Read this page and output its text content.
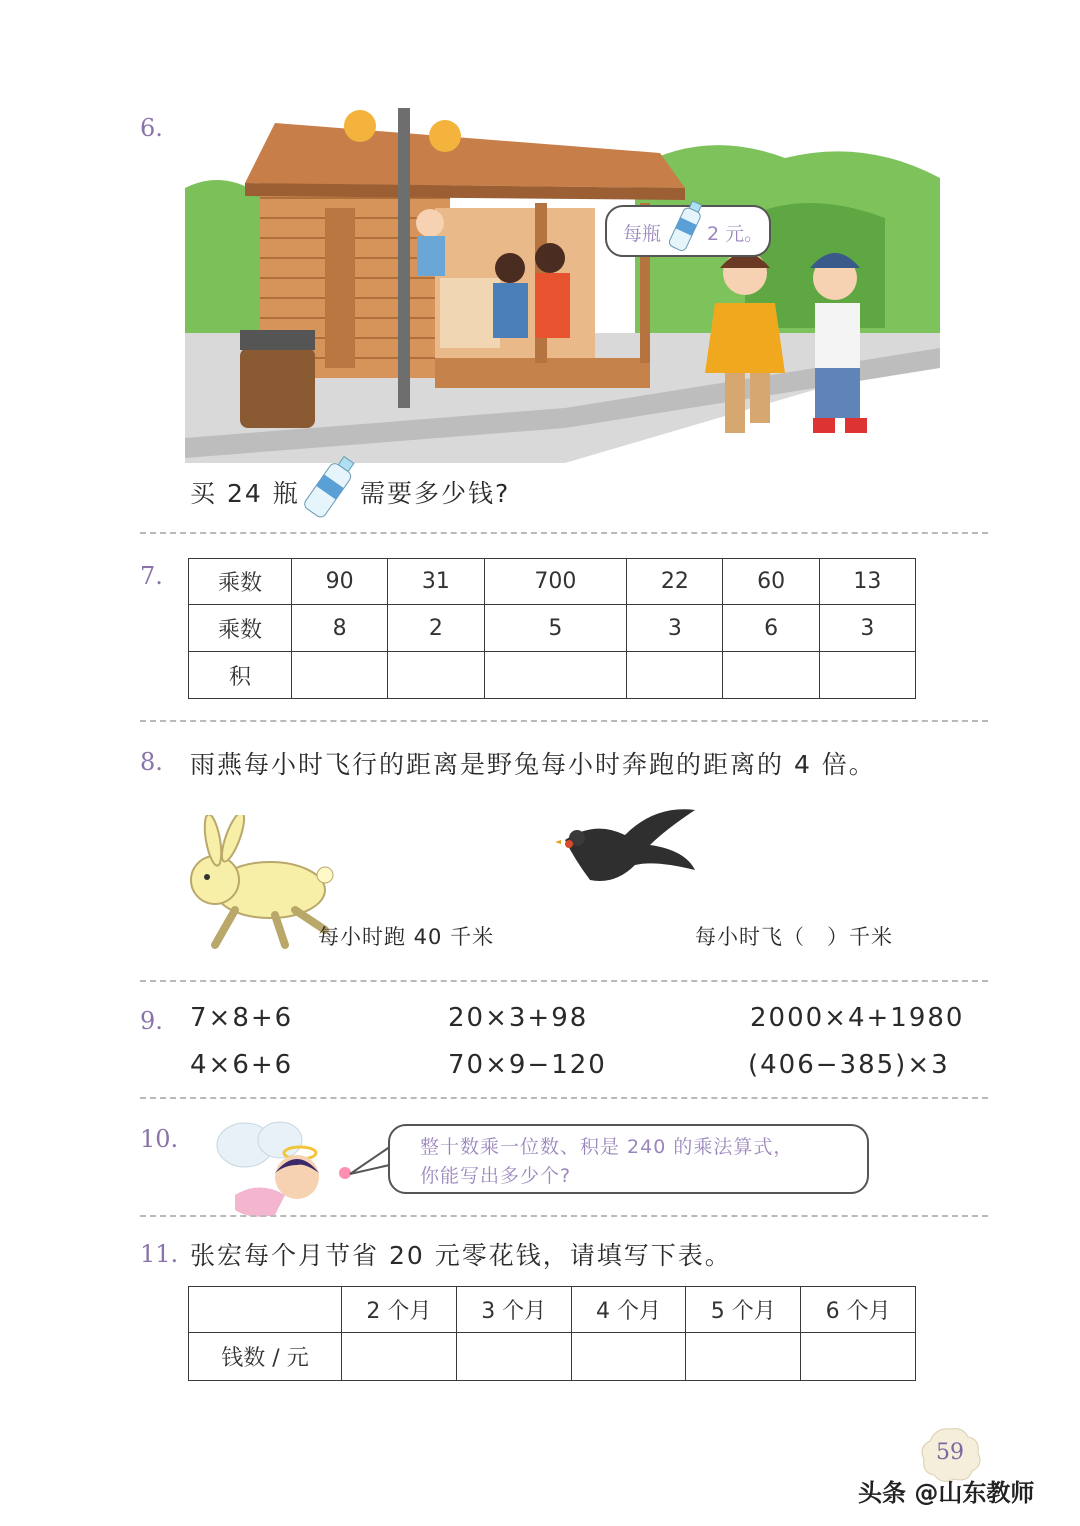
6.
每瓶 2 元。
买 24 瓶 需要多少钱?
7.	乘数	90	31	700	22	60	13
乘数	8	2	5	3	6	3
积						
8. 雨燕每小时飞行的距离是野兔每小时奔跑的距离的 4 倍。
每小时跑 40 千米	每小时飞（　）千米
9. 7×8+6	20×3+98	2000×4+1980
4×6+6	70×9−120	(406−385)×3
10.	整十数乘一位数、积是 240 的乘法算式，
你能写出多少个?
11. 张宏每个月节省 20 元零花钱，请填写下表。
	2 个月	3 个月	4 个月	5 个月	6 个月
钱数 / 元					
59
头条 @山东教师
